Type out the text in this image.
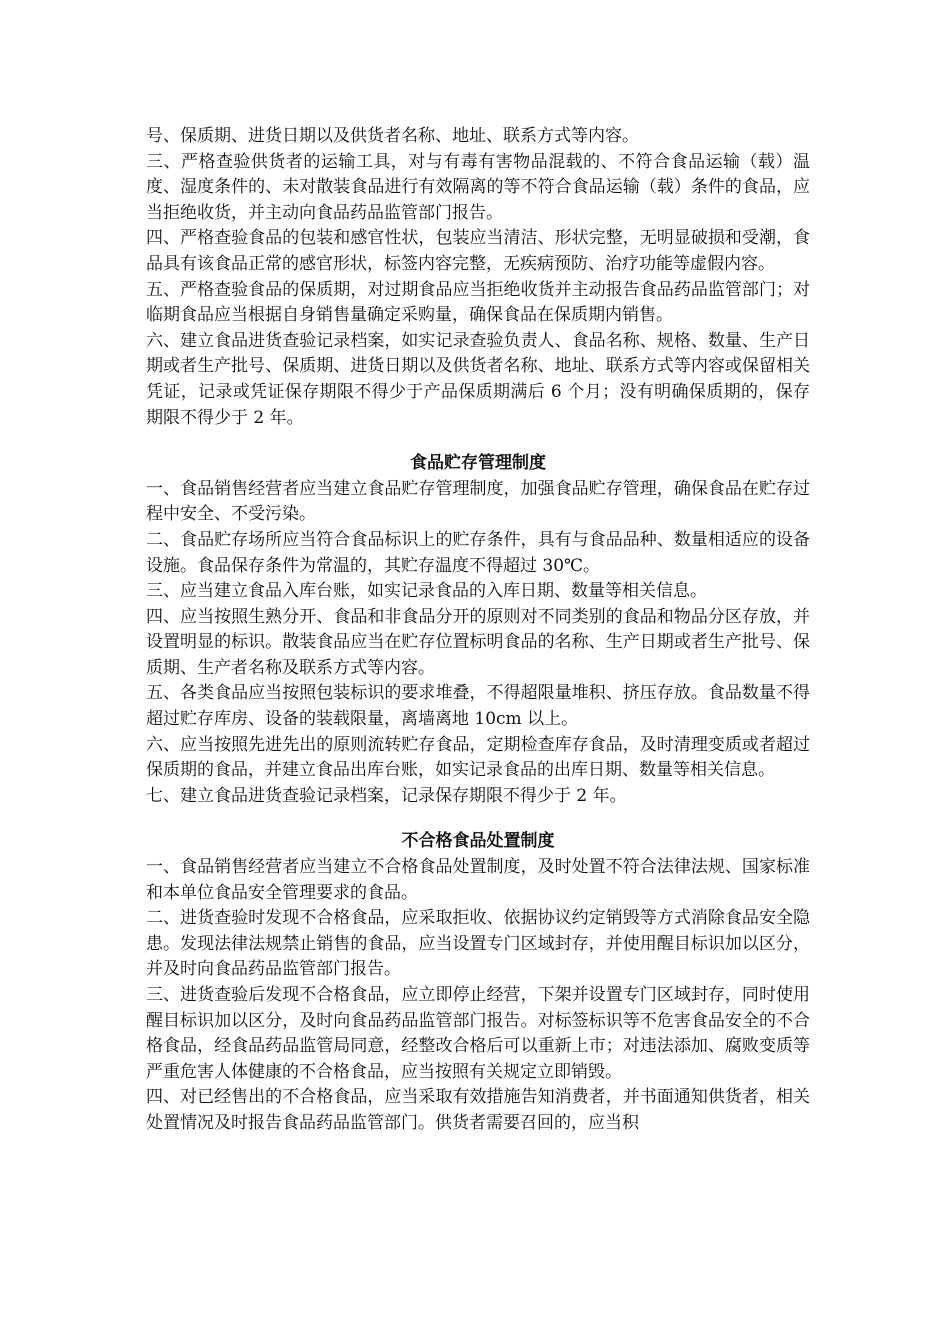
号、保质期、进货日期以及供货者名称、地址、联系方式等内容。

三、严格查验供货者的运输工具，对与有毒有害物品混载的、不符合食品运输（载）温度、湿度条件的、未对散装食品进行有效隔离的等不符合食品运输（载）条件的食品，应当拒绝收货，并主动向食品药品监管部门报告。

四、严格查验食品的包装和感官性状，包装应当清洁、形状完整，无明显破损和受潮，食品具有该食品正常的感官形状，标签内容完整，无疾病预防、治疗功能等虚假内容。

五、严格查验食品的保质期，对过期食品应当拒绝收货并主动报告食品药品监管部门；对临期食品应当根据自身销售量确定采购量，确保食品在保质期内销售。

六、建立食品进货查验记录档案，如实记录查验负责人、食品名称、规格、数量、生产日期或者生产批号、保质期、进货日期以及供货者名称、地址、联系方式等内容或保留相关凭证，记录或凭证保存期限不得少于产品保质期满后 6 个月；没有明确保质期的，保存期限不得少于 2 年。

食品贮存管理制度

一、食品销售经营者应当建立食品贮存管理制度，加强食品贮存管理，确保食品在贮存过程中安全、不受污染。

二、食品贮存场所应当符合食品标识上的贮存条件，具有与食品品种、数量相适应的设备设施。食品保存条件为常温的，其贮存温度不得超过 30℃。

三、应当建立食品入库台账，如实记录食品的入库日期、数量等相关信息。

四、应当按照生熟分开、食品和非食品分开的原则对不同类别的食品和物品分区存放，并设置明显的标识。散装食品应当在贮存位置标明食品的名称、生产日期或者生产批号、保质期、生产者名称及联系方式等内容。

五、各类食品应当按照包装标识的要求堆叠，不得超限量堆积、挤压存放。食品数量不得超过贮存库房、设备的装载限量，离墙离地 10cm 以上。

六、应当按照先进先出的原则流转贮存食品，定期检查库存食品，及时清理变质或者超过保质期的食品，并建立食品出库台账，如实记录食品的出库日期、数量等相关信息。

七、建立食品进货查验记录档案，记录保存期限不得少于 2 年。

不合格食品处置制度

一、食品销售经营者应当建立不合格食品处置制度，及时处置不符合法律法规、国家标准和本单位食品安全管理要求的食品。

二、进货查验时发现不合格食品，应采取拒收、依据协议约定销毁等方式消除食品安全隐患。发现法律法规禁止销售的食品，应当设置专门区域封存，并使用醒目标识加以区分，并及时向食品药品监管部门报告。

三、进货查验后发现不合格食品，应立即停止经营，下架并设置专门区域封存，同时使用醒目标识加以区分，及时向食品药品监管部门报告。对标签标识等不危害食品安全的不合格食品，经食品药品监管局同意，经整改合格后可以重新上市；对违法添加、腐败变质等严重危害人体健康的不合格食品，应当按照有关规定立即销毁。

四、对已经售出的不合格食品，应当采取有效措施告知消费者，并书面通知供货者，相关处置情况及时报告食品药品监管部门。供货者需要召回的，应当积
